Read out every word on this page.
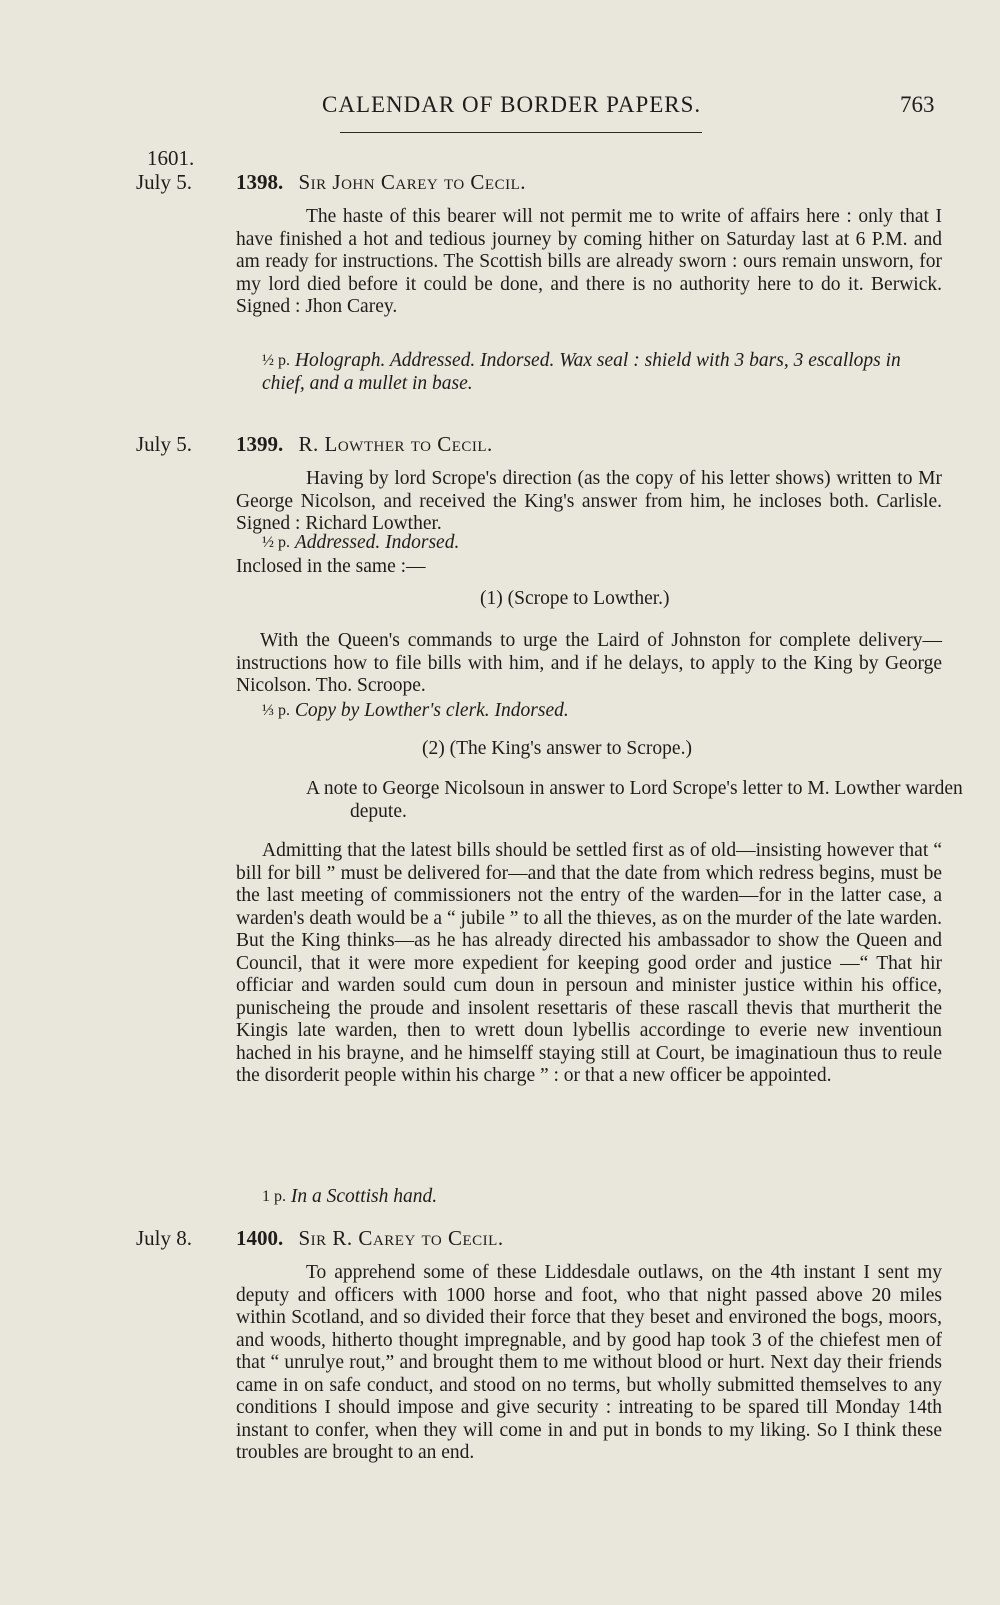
CALENDAR OF BORDER PAPERS.	763
1601.
July 5. 1398. Sir John Carey to Cecil.

The haste of this bearer will not permit me to write of affairs here : only that I have finished a hot and tedious journey by coming hither on Saturday last at 6 P.M. and am ready for instructions. The Scottish bills are already sworn : ours remain unsworn, for my lord died before it could be done, and there is no authority here to do it. Berwick. Signed : Jhon Carey.

½ p. Holograph. Addressed. Indorsed. Wax seal : shield with 3 bars, 3 escallops in chief, and a mullet in base.

July 5. 1399. R. Lowther to Cecil.

Having by lord Scrope's direction (as the copy of his letter shows) written to Mr George Nicolson, and received the King's answer from him, he incloses both. Carlisle. Signed : Richard Lowther.

½ p. Addressed. Indorsed.

Inclosed in the same :—

(1) (Scrope to Lowther.)

With the Queen's commands to urge the Laird of Johnston for complete delivery—instructions how to file bills with him, and if he delays, to apply to the King by George Nicolson. Tho. Scroope.

⅓ p. Copy by Lowther's clerk. Indorsed.

(2) (The King's answer to Scrope.)

A note to George Nicolsoun in answer to Lord Scrope's letter to M. Lowther warden depute.

Admitting that the latest bills should be settled first as of old—insisting however that “ bill for bill ” must be delivered for—and that the date from which redress begins, must be the last meeting of commissioners not the entry of the warden—for in the latter case, a warden's death would be a “ jubile ” to all the thieves, as on the murder of the late warden. But the King thinks—as he has already directed his ambassador to show the Queen and Council, that it were more expedient for keeping good order and justice —“ That hir officiar and warden sould cum doun in persoun and minister justice within his office, punischeing the proude and insolent resettaris of these rascall thevis that murtherit the Kingis late warden, then to wrett doun lybellis accordinge to everie new inventioun hached in his brayne, and he himselff staying still at Court, be imaginatioun thus to reule the disorderit people within his charge ” : or that a new officer be appointed.

1 p. In a Scottish hand.

July 8. 1400. Sir R. Carey to Cecil.

To apprehend some of these Liddesdale outlaws, on the 4th instant I sent my deputy and officers with 1000 horse and foot, who that night passed above 20 miles within Scotland, and so divided their force that they beset and environed the bogs, moors, and woods, hitherto thought impregnable, and by good hap took 3 of the chiefest men of that “ unrulye rout,” and brought them to me without blood or hurt. Next day their friends came in on safe conduct, and stood on no terms, but wholly submitted themselves to any conditions I should impose and give security : intreating to be spared till Monday 14th instant to confer, when they will come in and put in bonds to my liking. So I think these troubles are brought to an end.
